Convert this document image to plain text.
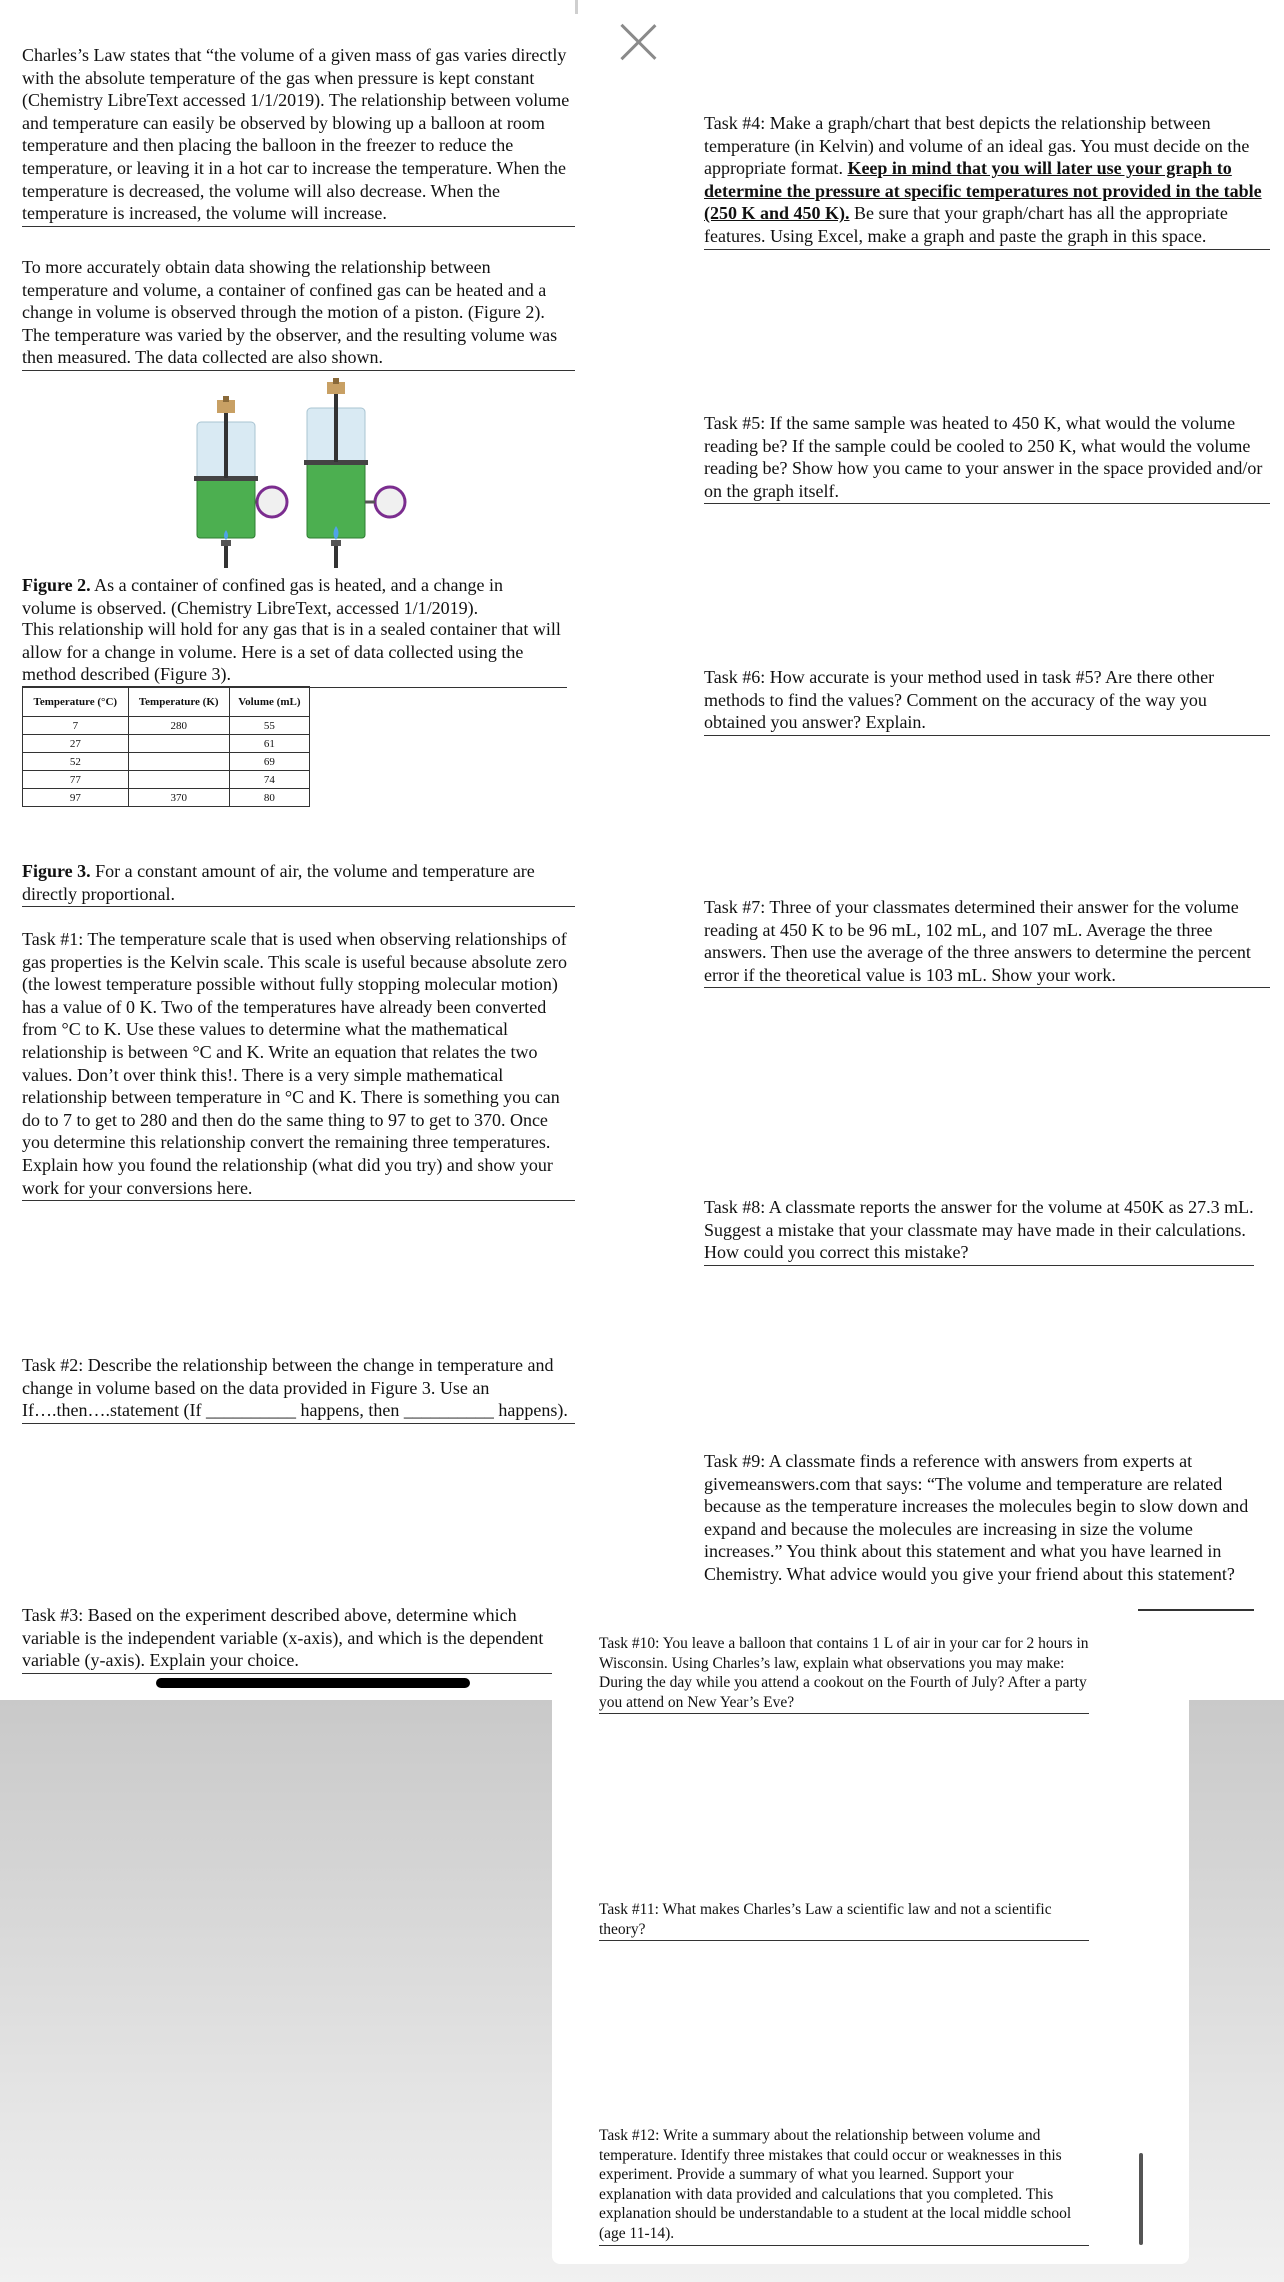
Charles’s Law states that “the volume of a given mass of gas varies directly with the absolute temperature of the gas when pressure is kept constant (Chemistry LibreText accessed 1/1/2019). The relationship between volume and temperature can easily be observed by blowing up a balloon at room temperature and then placing the balloon in the freezer to reduce the temperature, or leaving it in a hot car to increase the temperature. When the temperature is decreased, the volume will also decrease. When the temperature is increased, the volume will increase.
To more accurately obtain data showing the relationship between temperature and volume, a container of confined gas can be heated and a change in volume is observed through the motion of a piston. (Figure 2). The temperature was varied by the observer, and the resulting volume was then measured. The data collected are also shown.
Figure 2. As a container of confined gas is heated, and a change in volume is observed. (Chemistry LibreText, accessed 1/1/2019).
This relationship will hold for any gas that is in a sealed container that will allow for a change in volume. Here is a set of data collected using the method described (Figure 3).
Temperature (°C)	Temperature (K)	Volume (mL)
7	280	55
27		61
52		69
77		74
97	370	80
Figure 3. For a constant amount of air, the volume and temperature are directly proportional.
Task #1: The temperature scale that is used when observing relationships of gas properties is the Kelvin scale. This scale is useful because absolute zero (the lowest temperature possible without fully stopping molecular motion) has a value of 0 K. Two of the temperatures have already been converted from °C to K. Use these values to determine what the mathematical relationship is between °C and K. Write an equation that relates the two values. Don’t over think this!. There is a very simple mathematical relationship between temperature in °C and K. There is something you can do to 7 to get to 280 and then do the same thing to 97 to get to 370. Once you determine this relationship convert the remaining three temperatures. Explain how you found the relationship (what did you try) and show your work for your conversions here.
Task #2: Describe the relationship between the change in temperature and change in volume based on the data provided in Figure 3. Use an If….then….statement (If __________ happens, then __________ happens).
Task #3: Based on the experiment described above, determine which variable is the independent variable (x-axis), and which is the dependent variable (y-axis). Explain your choice.
Task #4: Make a graph/chart that best depicts the relationship between temperature (in Kelvin) and volume of an ideal gas. You must decide on the appropriate format. Keep in mind that you will later use your graph to determine the pressure at specific temperatures not provided in the table (250 K and 450 K). Be sure that your graph/chart has all the appropriate features. Using Excel, make a graph and paste the graph in this space.
Task #5: If the same sample was heated to 450 K, what would the volume reading be? If the sample could be cooled to 250 K, what would the volume reading be? Show how you came to your answer in the space provided and/or on the graph itself.
Task #6: How accurate is your method used in task #5? Are there other methods to find the values? Comment on the accuracy of the way you obtained you answer? Explain.
Task #7: Three of your classmates determined their answer for the volume reading at 450 K to be 96 mL, 102 mL, and 107 mL. Average the three answers. Then use the average of the three answers to determine the percent error if the theoretical value is 103 mL. Show your work.
Task #8: A classmate reports the answer for the volume at 450K as 27.3 mL. Suggest a mistake that your classmate may have made in their calculations. How could you correct this mistake?
Task #9: A classmate finds a reference with answers from experts at givemeanswers.com that says: “The volume and temperature are related because as the temperature increases the molecules begin to slow down and expand and because the molecules are increasing in size the volume increases.” You think about this statement and what you have learned in Chemistry. What advice would you give your friend about this statement?
Task #10: You leave a balloon that contains 1 L of air in your car for 2 hours in Wisconsin. Using Charles’s law, explain what observations you may make: During the day while you attend a cookout on the Fourth of July? After a party you attend on New Year’s Eve?
Task #11: What makes Charles’s Law a scientific law and not a scientific theory?
Task #12: Write a summary about the relationship between volume and temperature. Identify three mistakes that could occur or weaknesses in this experiment. Provide a summary of what you learned. Support your explanation with data provided and calculations that you completed. This explanation should be understandable to a student at the local middle school (age 11-14).
